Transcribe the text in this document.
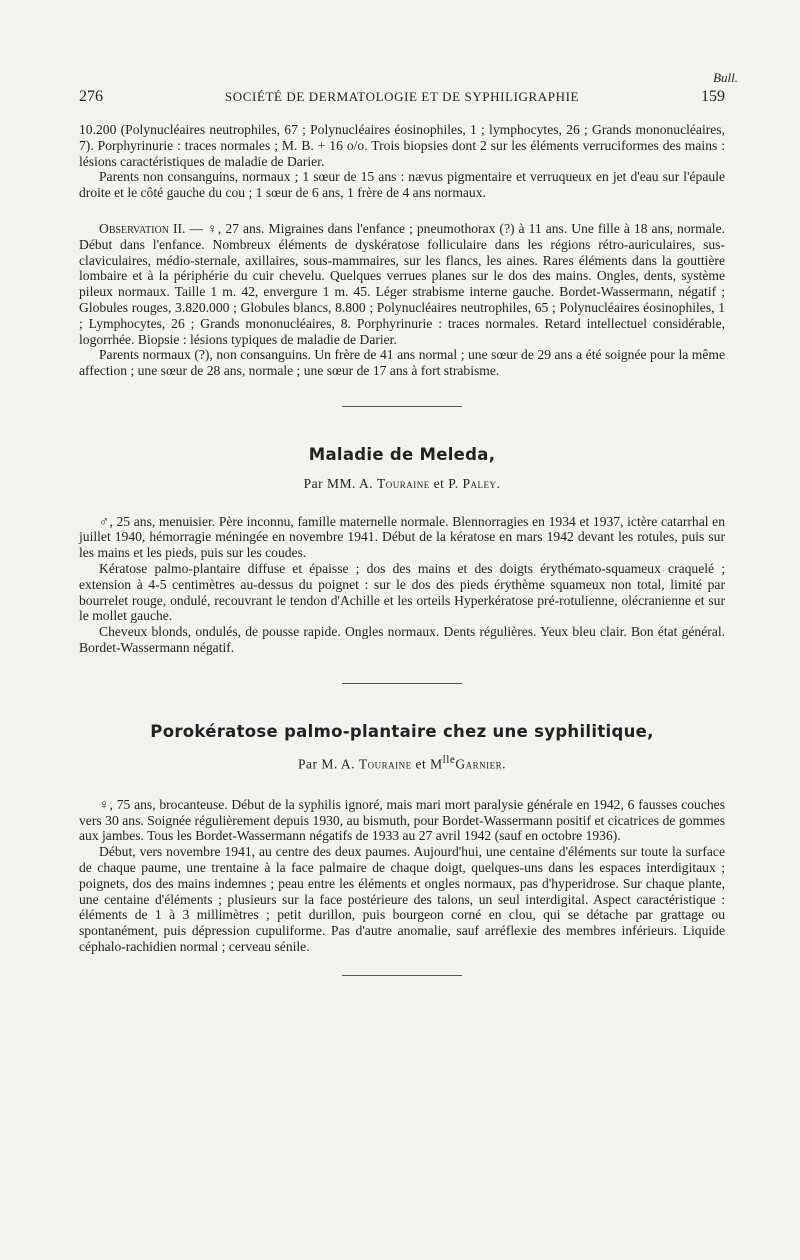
Bull.
276	SOCIÉTÉ DE DERMATOLOGIE ET DE SYPHILIGRAPHIE	159

10.200 (Polynucléaires neutrophiles, 67 ; Polynucléaires éosinophiles, 1 ; lymphocytes, 26 ; Grands mononucléaires, 7). Porphyrinurie : traces normales ; M. B. + 16 o/o. Trois biopsies dont 2 sur les éléments verruciformes des mains : lésions caractéristiques de maladie de Darier.

Parents non consanguins, normaux ; 1 sœur de 15 ans : nævus pigmentaire et verruqueux en jet d'eau sur l'épaule droite et le côté gauche du cou ; 1 sœur de 6 ans, 1 frère de 4 ans normaux.

Observation II. — ♀, 27 ans. Migraines dans l'enfance ; pneumothorax (?) à 11 ans. Une fille à 18 ans, normale. Début dans l'enfance. Nombreux éléments de dyskératose folliculaire dans les régions rétro-auriculaires, sus-claviculaires, médio-sternale, axillaires, sous-mammaires, sur les flancs, les aines. Rares éléments dans la gouttière lombaire et à la périphérie du cuir chevelu. Quelques verrues planes sur le dos des mains. Ongles, dents, système pileux normaux. Taille 1 m. 42, envergure 1 m. 45. Léger strabisme interne gauche. Bordet-Wassermann, négatif ; Globules rouges, 3.820.000 ; Globules blancs, 8.800 ; Polynucléaires neutrophiles, 65 ; Polynucléaires éosinophiles, 1 ; Lymphocytes, 26 ; Grands mononucléaires, 8. Porphyrinurie : traces normales. Retard intellectuel considérable, logorrhée. Biopsie : lésions typiques de maladie de Darier.

Parents normaux (?), non consanguins. Un frère de 41 ans normal ; une sœur de 29 ans a été soignée pour la même affection ; une sœur de 28 ans, normale ; une sœur de 17 ans à fort strabisme.

Maladie de Meleda,
Par MM. A. Touraine et P. Paley.

♂, 25 ans, menuisier. Père inconnu, famille maternelle normale. Blennorragies en 1934 et 1937, ictère catarrhal en juillet 1940, hémorragie méningée en novembre 1941. Début de la kératose en mars 1942 devant les rotules, puis sur les mains et les pieds, puis sur les coudes.

Kératose palmo-plantaire diffuse et épaisse ; dos des mains et des doigts érythémato-squameux craquelé ; extension à 4-5 centimètres au-dessus du poignet : sur le dos des pieds érythème squameux non total, limité par bourrelet rouge, ondulé, recouvrant le tendon d'Achille et les orteils Hyperkératose pré-rotulienne, olécranienne et sur le mollet gauche.

Cheveux blonds, ondulés, de pousse rapide. Ongles normaux. Dents régulières. Yeux bleu clair. Bon état général. Bordet-Wassermann négatif.

Porokératose palmo-plantaire chez une syphilitique,
Par M. A. Touraine et $M^{lle}Garnier$.

♀, 75 ans, brocanteuse. Début de la syphilis ignoré, mais mari mort paralysie générale en 1942, 6 fausses couches vers 30 ans. Soignée régulièrement depuis 1930, au bismuth, pour Bordet-Wassermann positif et cicatrices de gommes aux jambes. Tous les Bordet-Wassermann négatifs de 1933 au 27 avril 1942 (sauf en octobre 1936).

Début, vers novembre 1941, au centre des deux paumes. Aujourd'hui, une centaine d'éléments sur toute la surface de chaque paume, une trentaine à la face palmaire de chaque doigt, quelques-uns dans les espaces interdigitaux ; poignets, dos des mains indemnes ; peau entre les éléments et ongles normaux, pas d'hyperidrose. Sur chaque plante, une centaine d'éléments ; plusieurs sur la face postérieure des talons, un seul interdigital. Aspect caractéristique : éléments de 1 à 3 millimètres ; petit durillon, puis bourgeon corné en clou, qui se détache par grattage ou spontanément, puis dépression cupuliforme. Pas d'autre anomalie, sauf arréflexie des membres inférieurs. Liquide céphalo-rachidien normal ; cerveau sénile.
